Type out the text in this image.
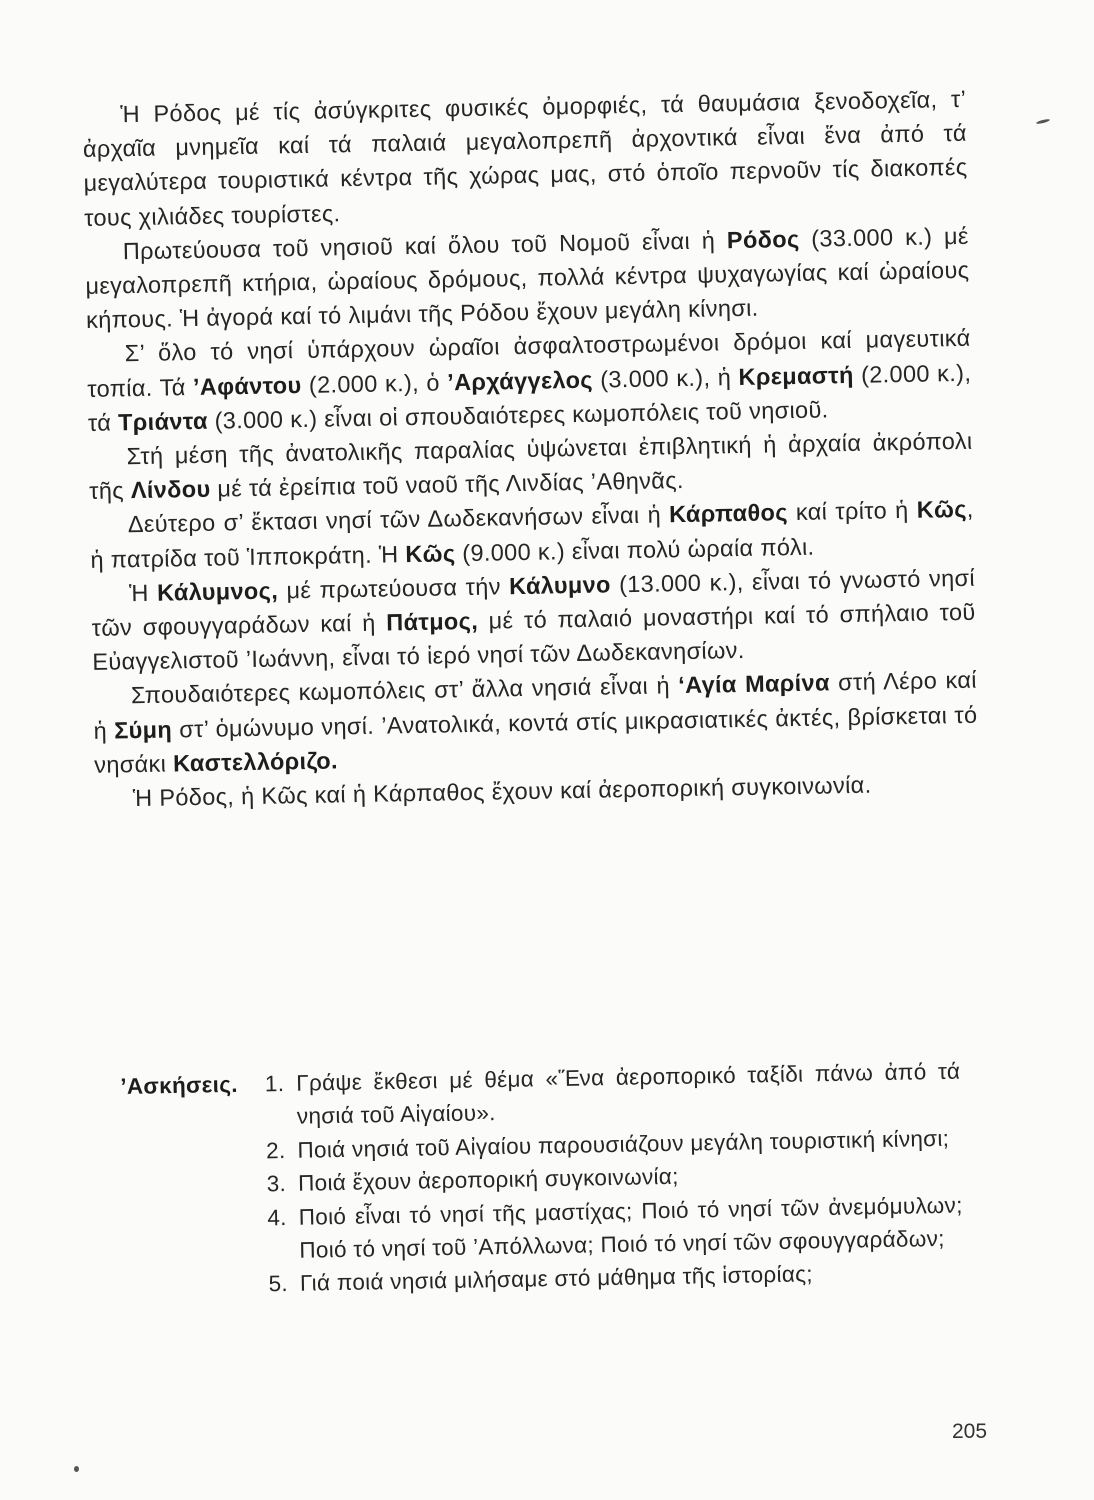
Ἡ Ρόδος μέ τίς ἀσύγκριτες φυσικές ὀμορφιές, τά θαυμάσια ξενοδοχεῖα, τ’ ἀρχαῖα μνημεῖα καί τά παλαιά μεγαλοπρεπῆ ἀρχοντικά εἶναι ἕνα ἀπό τά μεγαλύτερα τουριστικά κέντρα τῆς χώρας μας, στό ὁποῖο περνοῦν τίς διακοπές τους χιλιάδες τουρίστες.

Πρωτεύουσα τοῦ νησιοῦ καί ὅλου τοῦ Νομοῦ εἶναι ἡ Ρόδος (33.000 κ.) μέ μεγαλοπρεπῆ κτήρια, ὡραίους δρόμους, πολλά κέντρα ψυχαγωγίας καί ὡραίους κήπους. Ἡ ἀγορά καί τό λιμάνι τῆς Ρόδου ἔχουν μεγάλη κίνησι.

Σ’ ὅλο τό νησί ὑπάρχουν ὡραῖοι ἀσφαλτοστρωμένοι δρόμοι καί μαγευτικά τοπία. Τά ’Αφάντου (2.000 κ.), ὁ ’Αρχάγγελος (3.000 κ.), ἡ Κρεμαστή (2.000 κ.), τά Τριάντα (3.000 κ.) εἶναι οἱ σπουδαιότερες κωμοπόλεις τοῦ νησιοῦ.

Στή μέση τῆς ἀνατολικῆς παραλίας ὑψώνεται ἐπιβλητική ἡ ἀρχαία ἀκρόπολι τῆς Λίνδου μέ τά ἐρείπια τοῦ ναοῦ τῆς Λινδίας ’Αθηνᾶς.

Δεύτερο σ’ ἔκτασι νησί τῶν Δωδεκανήσων εἶναι ἡ Κάρπαθος καί τρίτο ἡ Κῶς, ἡ πατρίδα τοῦ Ἱπποκράτη. Ἡ Κῶς (9.000 κ.) εἶναι πολύ ὡραία πόλι.

Ἡ Κάλυμνος, μέ πρωτεύουσα τήν Κάλυμνο (13.000 κ.), εἶναι τό γνωστό νησί τῶν σφουγγαράδων καί ἡ Πάτμος, μέ τό παλαιό μοναστήρι καί τό σπήλαιο τοῦ Εὐαγγελιστοῦ ’Ιωάννη, εἶναι τό ἱερό νησί τῶν Δωδεκανησίων.

Σπουδαιότερες κωμοπόλεις στ’ ἄλλα νησιά εἶναι ἡ ‘Αγία Μαρίνα στή Λέρο καί ἡ Σύμη στ’ ὁμώνυμο νησί. ’Ανατολικά, κοντά στίς μικρασιατικές ἀκτές, βρίσκεται τό νησάκι Καστελλόριζο.

Ἡ Ρόδος, ἡ Κῶς καί ἡ Κάρπαθος ἔχουν καί ἀεροπορική συγκοινωνία.

’Ασκήσεις.	1. Γράψε ἔκθεσι μέ θέμα «Ἕνα ἀεροπορικό ταξίδι πάνω ἀπό τά νησιά τοῦ Αἰγαίου».
2. Ποιά νησιά τοῦ Αἰγαίου παρουσιάζουν μεγάλη τουριστική κίνησι;
3. Ποιά ἔχουν ἀεροπορική συγκοινωνία;
4. Ποιό εἶναι τό νησί τῆς μαστίχας; Ποιό τό νησί τῶν ἀνεμόμυλων; Ποιό τό νησί τοῦ ’Απόλλωνα; Ποιό τό νησί τῶν σφουγγαράδων;
5. Γιά ποιά νησιά μιλήσαμε στό μάθημα τῆς ἱστορίας;
205
